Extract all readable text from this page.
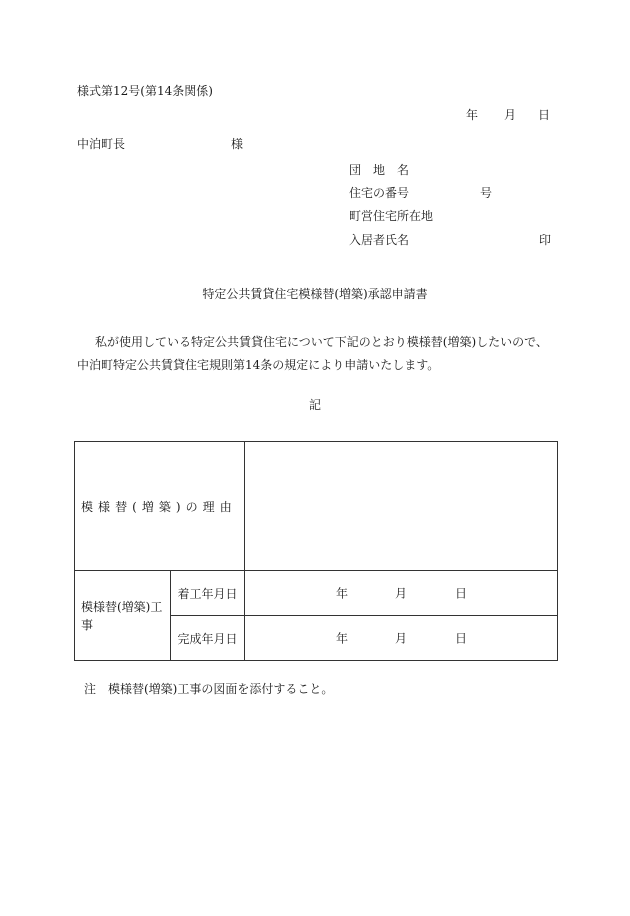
様式第12号(第14条関係)
年 月 日
中泊町長	様
団　地　名
住宅の番号	号
町営住宅所在地
入居者氏名	印
特定公共賃貸住宅模様替(増築)承認申請書
私が使用している特定公共賃貸住宅について下記のとおり模様替(増築)したいので、中泊町特定公共賃貸住宅規則第14条の規定により申請いたします。
記
模様替(増築)の理由		
模様替(増築)工事	着工年月日	年 月 日

	完成年月日	年 月 日
注　模様替(増築)工事の図面を添付すること。
